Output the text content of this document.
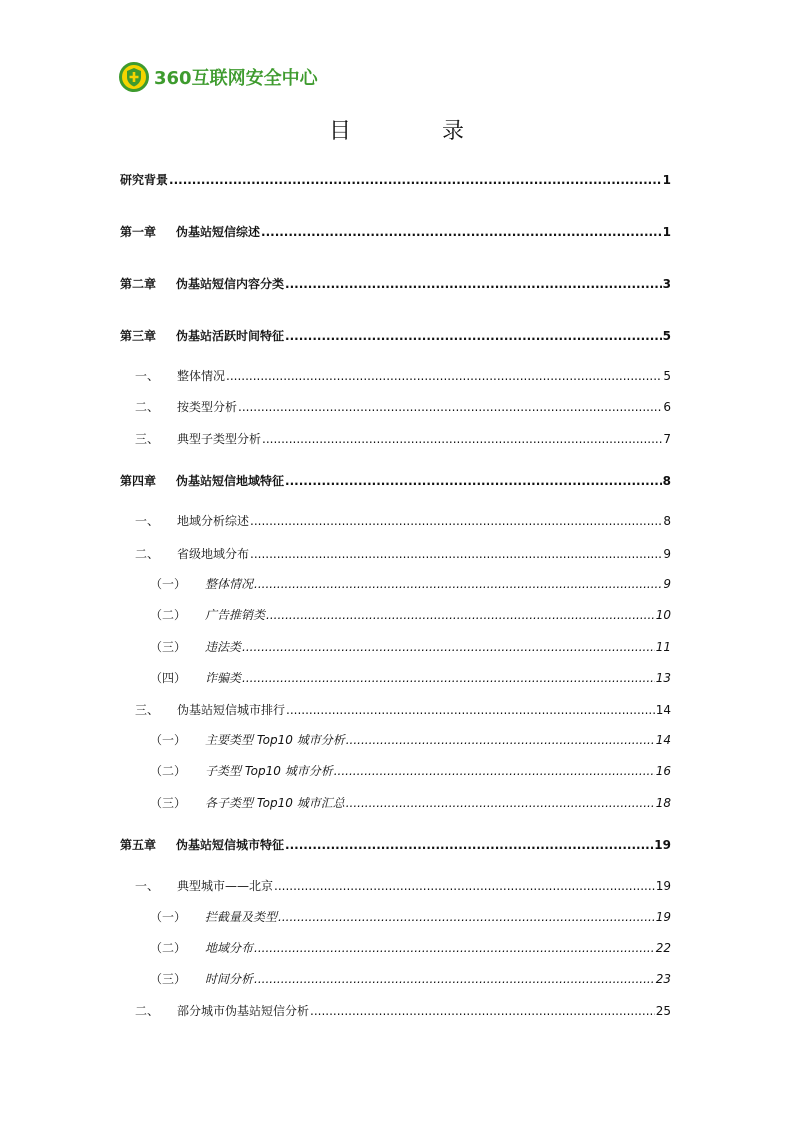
360互联网安全中心
目 录
研究背景 .....	1
第一章	伪基站短信综述 .....	1
第二章	伪基站短信内容分类 .....	3
第三章	伪基站活跃时间特征 .....	5
一、	整体情况 .....	5
二、	按类型分析 .....	6
三、	典型子类型分析 .....	7
第四章	伪基站短信地域特征 .....	8
一、	地域分析综述 .....	8
二、	省级地域分布 .....	9
（一）	整体情况 .....	9
（二）	广告推销类 .....	10
（三）	违法类 .....	11
（四）	诈骗类 .....	13
三、	伪基站短信城市排行 .....	14
（一）	主要类型 Top10 城市分析 .....	14
（二）	子类型 Top10 城市分析 .....	16
（三）	各子类型 Top10 城市汇总 .....	18
第五章	伪基站短信城市特征 .....	19
一、	典型城市——北京 .....	19
（一）	拦截量及类型 .....	19
（二）	地域分布 .....	22
（三）	时间分析 .....	23
二、	部分城市伪基站短信分析 .....	25
